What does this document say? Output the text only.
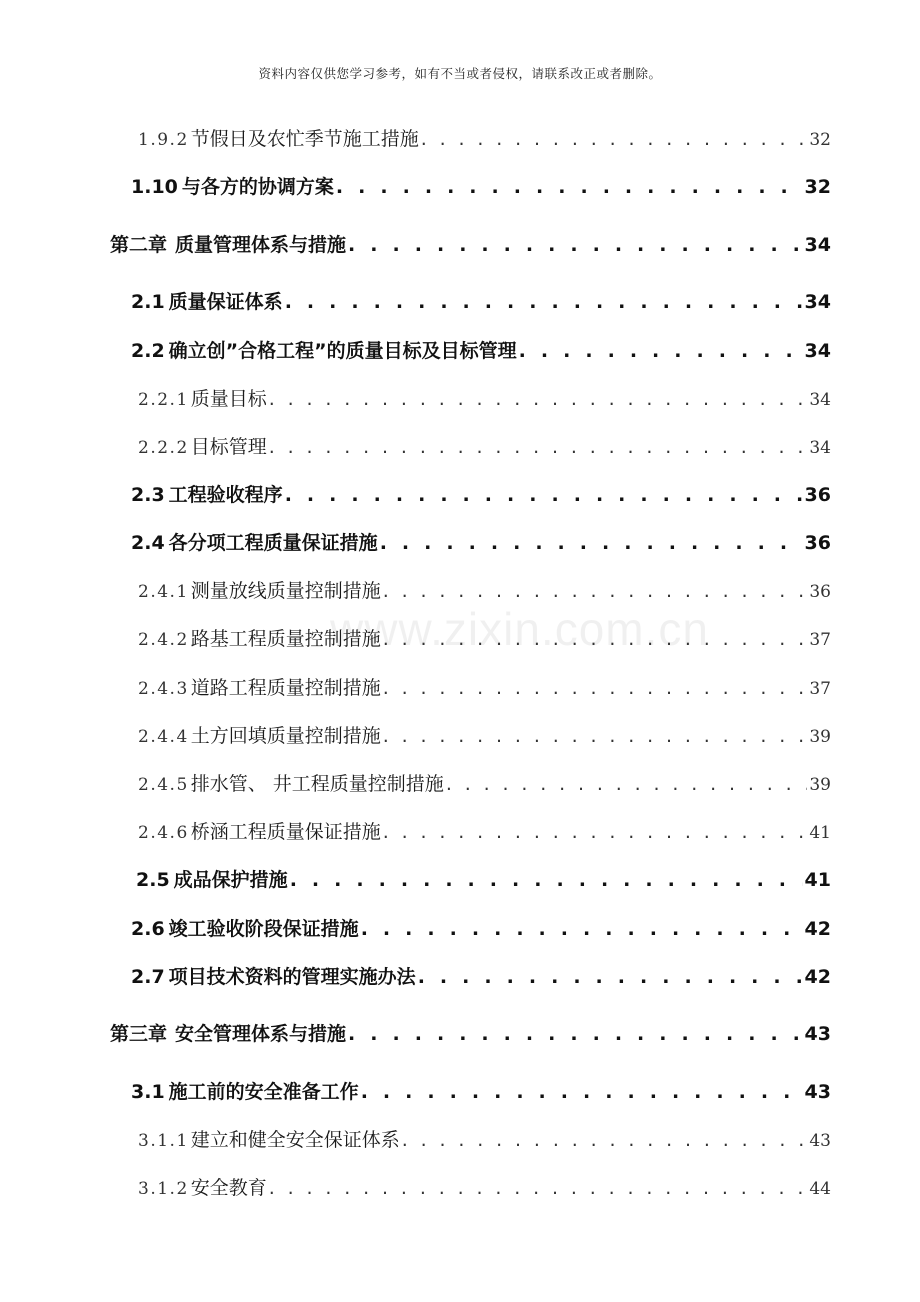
资料内容仅供您学习参考，如有不当或者侵权，请联系改正或者删除。
www.zixin.com.cn
1.9.2 节假日及农忙季节施工措施 . . .	32
1.10 与各方的协调方案 . . .	32
第二章 质量管理体系与措施 . . .	34
2.1 质量保证体系 . . .	34
2.2 确立创”合格工程”的质量目标及目标管理 . . .	34
2.2.1 质量目标 . . .	34
2.2.2 目标管理 . . .	34
2.3 工程验收程序 . . .	36
2.4 各分项工程质量保证措施 . . .	36
2.4.1 测量放线质量控制措施 . . .	36
2.4.2 路基工程质量控制措施 . . .	37
2.4.3 道路工程质量控制措施 . . .	37
2.4.4 土方回填质量控制措施 . . .	39
2.4.5 排水管、 井工程质量控制措施 . . .	39
2.4.6 桥涵工程质量保证措施 . . .	41
2.5 成品保护措施 . . .	41
2.6 竣工验收阶段保证措施 . . .	42
2.7 项目技术资料的管理实施办法 . . .	42
第三章 安全管理体系与措施 . . .	43
3.1 施工前的安全准备工作 . . .	43
3.1.1 建立和健全安全保证体系 . . .	43
3.1.2 安全教育 . . .	44
